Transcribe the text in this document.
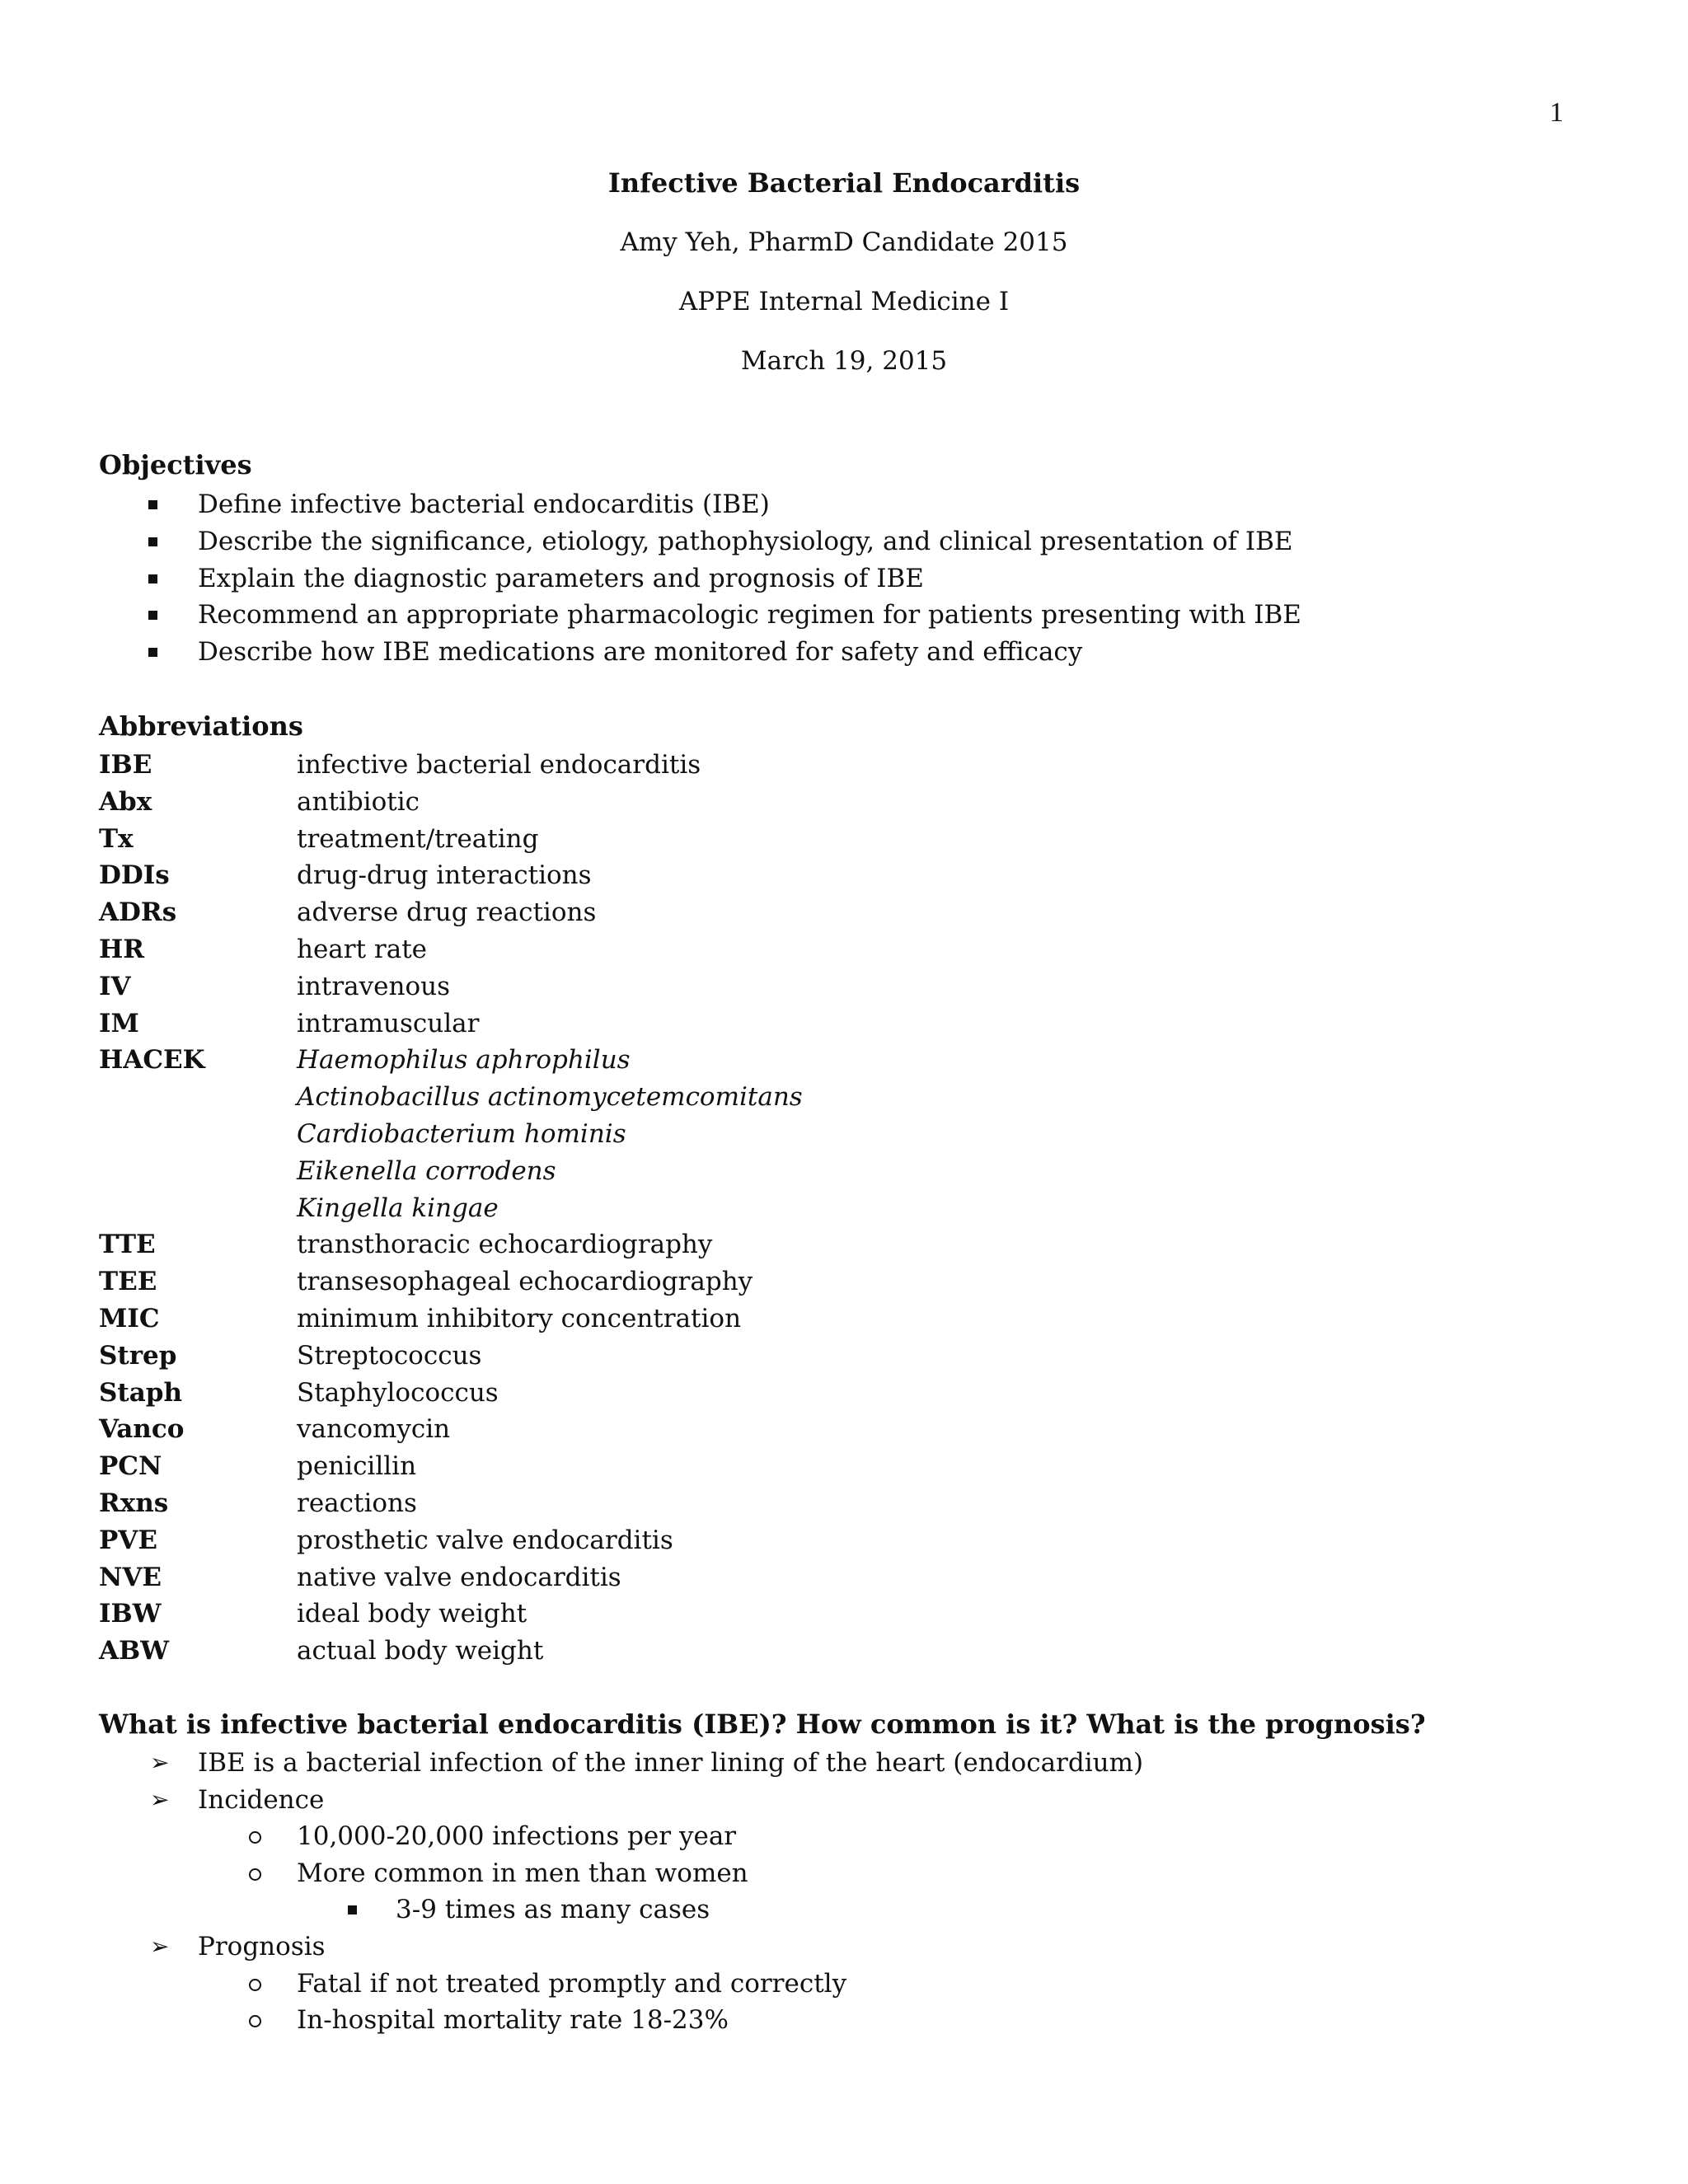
1
Infective Bacterial Endocarditis
Amy Yeh, PharmD Candidate 2015
APPE Internal Medicine I
March 19, 2015
Objectives
Define infective bacterial endocarditis (IBE)
Describe the significance, etiology, pathophysiology, and clinical presentation of IBE
Explain the diagnostic parameters and prognosis of IBE
Recommend an appropriate pharmacologic regimen for patients presenting with IBE
Describe how IBE medications are monitored for safety and efficacy
Abbreviations
IBE	infective bacterial endocarditis
Abx	antibiotic
Tx	treatment/treating
DDIs	drug-drug interactions
ADRs	adverse drug reactions
HR	heart rate
IV	intravenous
IM	intramuscular
HACEK	Haemophilus aphrophilus
Actinobacillus actinomycetemcomitans
Cardiobacterium hominis
Eikenella corrodens
Kingella kingae
TTE	transthoracic echocardiography
TEE	transesophageal echocardiography
MIC	minimum inhibitory concentration
Strep	Streptococcus
Staph	Staphylococcus
Vanco	vancomycin
PCN	penicillin
Rxns	reactions
PVE	prosthetic valve endocarditis
NVE	native valve endocarditis
IBW	ideal body weight
ABW	actual body weight
What is infective bacterial endocarditis (IBE)? How common is it? What is the prognosis?
➢ IBE is a bacterial infection of the inner lining of the heart (endocardium)
➢ Incidence
10,000-20,000 infections per year
More common in men than women
3-9 times as many cases
➢ Prognosis
Fatal if not treated promptly and correctly
In-hospital mortality rate 18-23%
